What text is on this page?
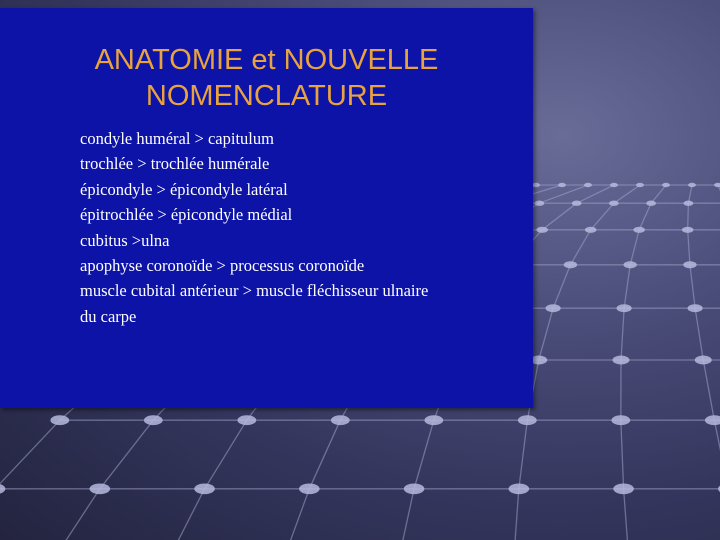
ANATOMIE et NOUVELLE
NOMENCLATURE
condyle huméral > capitulum
trochlée > trochlée humérale
épicondyle > épicondyle latéral
épitrochlée > épicondyle médial
cubitus >ulna
apophyse coronoïde > processus coronoïde
muscle cubital antérieur > muscle fléchisseur ulnaire
du carpe
